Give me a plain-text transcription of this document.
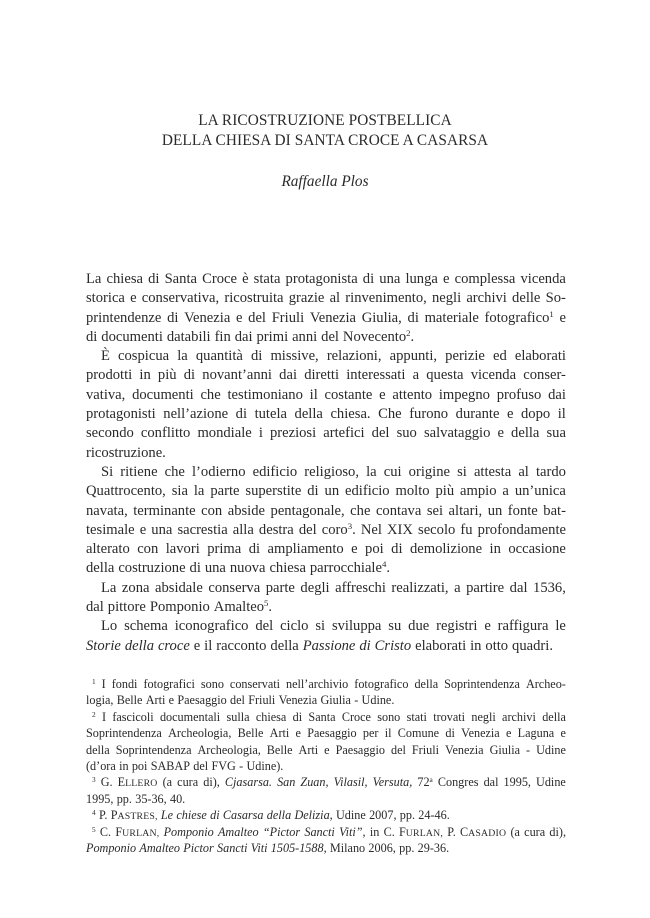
LA RICOSTRUZIONE POSTBELLICA
DELLA CHIESA DI SANTA CROCE A CASARSA
Raffaella Plos
La chiesa di Santa Croce è stata protagonista di una lunga e complessa vicenda
storica e conservativa, ricostruita grazie al rinvenimento, negli archivi delle So-
printendenze di Venezia e del Friuli Venezia Giulia, di materiale fotografico$^1$ e
di documenti databili fin dai primi anni del Novecento$^2$.
È cospicua la quantità di missive, relazioni, appunti, perizie ed elaborati
prodotti in più di novant’anni dai diretti interessati a questa vicenda conser-
vativa, documenti che testimoniano il costante e attento impegno profuso dai
protagonisti nell’azione di tutela della chiesa. Che furono durante e dopo il
secondo conflitto mondiale i preziosi artefici del suo salvataggio e della sua
ricostruzione.
Si ritiene che l’odierno edificio religioso, la cui origine si attesta al tardo
Quattrocento, sia la parte superstite di un edificio molto più ampio a un’unica
navata, terminante con abside pentagonale, che contava sei altari, un fonte bat-
tesimale e una sacrestia alla destra del coro$^3$. Nel XIX secolo fu profondamente
alterato con lavori prima di ampliamento e poi di demolizione in occasione
della costruzione di una nuova chiesa parrocchiale$^4$.
La zona absidale conserva parte degli affreschi realizzati, a partire dal 1536,
dal pittore Pomponio Amalteo$^5$.
Lo schema iconografico del ciclo si sviluppa su due registri e raffigura le
Storie della croce e il racconto della Passione di Cristo elaborati in otto quadri.
$^1$ I fondi fotografici sono conservati nell’archivio fotografico della Soprintendenza Archeo-
logia, Belle Arti e Paesaggio del Friuli Venezia Giulia - Udine.
$^2$ I fascicoli documentali sulla chiesa di Santa Croce sono stati trovati negli archivi della
Soprintendenza Archeologia, Belle Arti e Paesaggio per il Comune di Venezia e Laguna e
della Soprintendenza Archeologia, Belle Arti e Paesaggio del Friuli Venezia Giulia - Udine
(d’ora in poi SABAP del FVG - Udine).
$^3$ G. ELLERO (a cura di), Cjasarsa. San Zuan, Vilasil, Versuta, 72$^a$ Congres dal 1995, Udine
1995, pp. 35-36, 40.
$^4$ P. PASTRES, Le chiese di Casarsa della Delizia, Udine 2007, pp. 24-46.
$^5$ C. FURLAN, Pomponio Amalteo “Pictor Sancti Viti”, in C. FURLAN, P. CASADIO (a cura di),
Pomponio Amalteo Pictor Sancti Viti 1505-1588, Milano 2006, pp. 29-36.
